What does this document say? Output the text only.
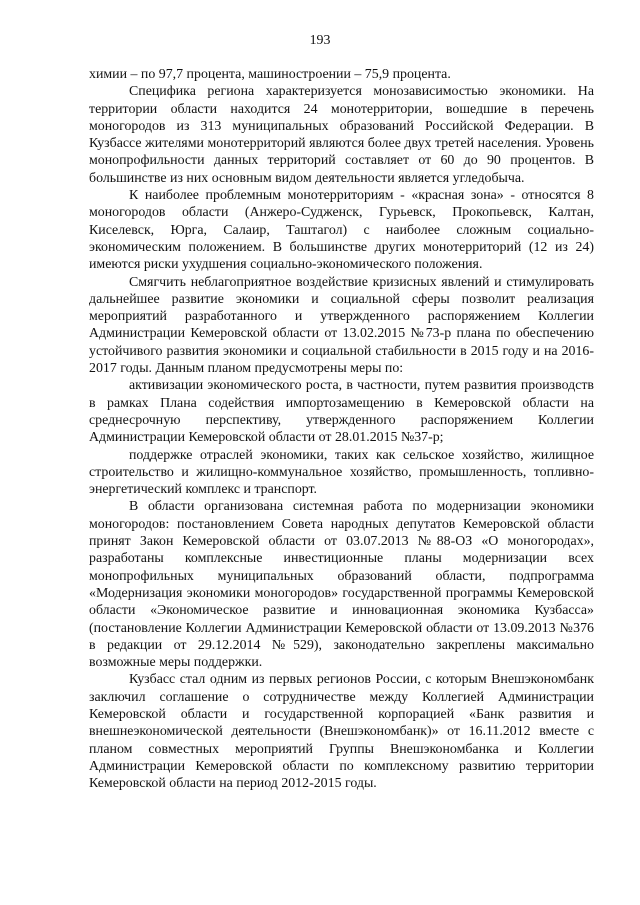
193

химии – по 97,7 процента, машиностроении – 75,9 процента.

Специфика региона характеризуется монозависимостью экономики. На территории области находится 24 монотерритории, вошедшие в перечень моногородов из 313 муниципальных образований Российской Федерации. В Кузбассе жителями монотерриторий являются более двух третей населения. Уровень монопрофильности данных территорий составляет от 60 до 90 процентов. В большинстве из них основным видом деятельности является угледобыча.

К наиболее проблемным монотерриториям - «красная зона» - относятся 8 моногородов области (Анжеро-Судженск, Гурьевск, Прокопьевск, Калтан, Киселевск, Юрга, Салаир, Таштагол) с наиболее сложным социально-экономическим положением. В большинстве других монотерриторий (12 из 24) имеются риски ухудшения социально-экономического положения.

Смягчить неблагоприятное воздействие кризисных явлений и стимулировать дальнейшее развитие экономики и социальной сферы позволит реализация мероприятий разработанного и утвержденного распоряжением Коллегии Администрации Кемеровской области от 13.02.2015 №73-р плана по обеспечению устойчивого развития экономики и социальной стабильности в 2015 году и на 2016-2017 годы. Данным планом предусмотрены меры по:

активизации экономического роста, в частности, путем развития производств в рамках Плана содействия импортозамещению в Кемеровской области на среднесрочную перспективу, утвержденного распоряжением Коллегии Администрации Кемеровской области от 28.01.2015 №37-р;

поддержке отраслей экономики, таких как сельское хозяйство, жилищное строительство и жилищно-коммунальное хозяйство, промышленность, топливно-энергетический комплекс и транспорт.

В области организована системная работа по модернизации экономики моногородов: постановлением Совета народных депутатов Кемеровской области принят Закон Кемеровской области от 03.07.2013 №88-ОЗ «О моногородах», разработаны комплексные инвестиционные планы модернизации всех монопрофильных муниципальных образований области, подпрограмма «Модернизация экономики моногородов» государственной программы Кемеровской области «Экономическое развитие и инновационная экономика Кузбасса» (постановление Коллегии Администрации Кемеровской области от 13.09.2013 №376 в редакции от 29.12.2014 №529), законодательно закреплены максимально возможные меры поддержки.

Кузбасс стал одним из первых регионов России, с которым Внешэкономбанк заключил соглашение о сотрудничестве между Коллегией Администрации Кемеровской области и государственной корпорацией «Банк развития и внешнеэкономической деятельности (Внешэкономбанк)» от 16.11.2012 вместе с планом совместных мероприятий Группы Внешэкономбанка и Коллегии Администрации Кемеровской области по комплексному развитию территории Кемеровской области на период 2012-2015 годы.
